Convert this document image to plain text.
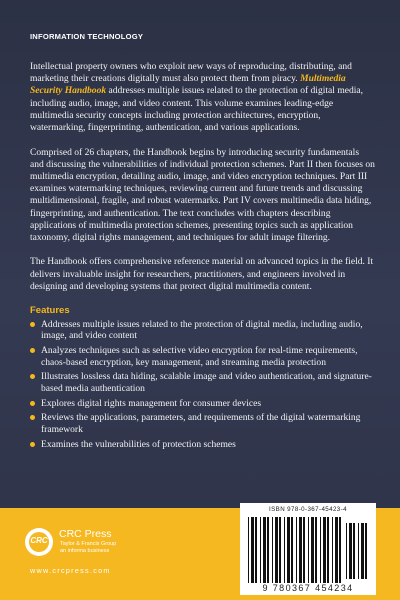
INFORMATION TECHNOLOGY

Intellectual property owners who exploit new ways of reproducing, distributing, and marketing their creations digitally must also protect them from piracy. Multimedia Security Handbook addresses multiple issues related to the protection of digital media, including audio, image, and video content. This volume examines leading-edge multimedia security concepts including protection architectures, encryption, watermarking, fingerprinting, authentication, and various applications.

Comprised of 26 chapters, the Handbook begins by introducing security fundamentals and discussing the vulnerabilities of individual protection schemes. Part II then focuses on multimedia encryption, detailing audio, image, and video encryption techniques. Part III examines watermarking techniques, reviewing current and future trends and discussing multidimensional, fragile, and robust watermarks. Part IV covers multimedia data hiding, fingerprinting, and authentication. The text concludes with chapters describing applications of multimedia protection schemes, presenting topics such as application taxonomy, digital rights management, and techniques for adult image filtering.

The Handbook offers comprehensive reference material on advanced topics in the field. It delivers invaluable insight for researchers, practitioners, and engineers involved in designing and developing systems that protect digital multimedia content.

Features
Addresses multiple issues related to the protection of digital media, including audio, image, and video content
Analyzes techniques such as selective video encryption for real-time requirements, chaos-based encryption, key management, and streaming media protection
Illustrates lossless data hiding, scalable image and video authentication, and signature-based media authentication
Explores digital rights management for consumer devices
Reviews the applications, parameters, and requirements of the digital watermarking framework
Examines the vulnerabilities of protection schemes
CRC
CRC Press
Taylor & Francis Group
an informa business
www.crcpress.com
ISBN 978-0-367-45423-4
9 780367 454234
